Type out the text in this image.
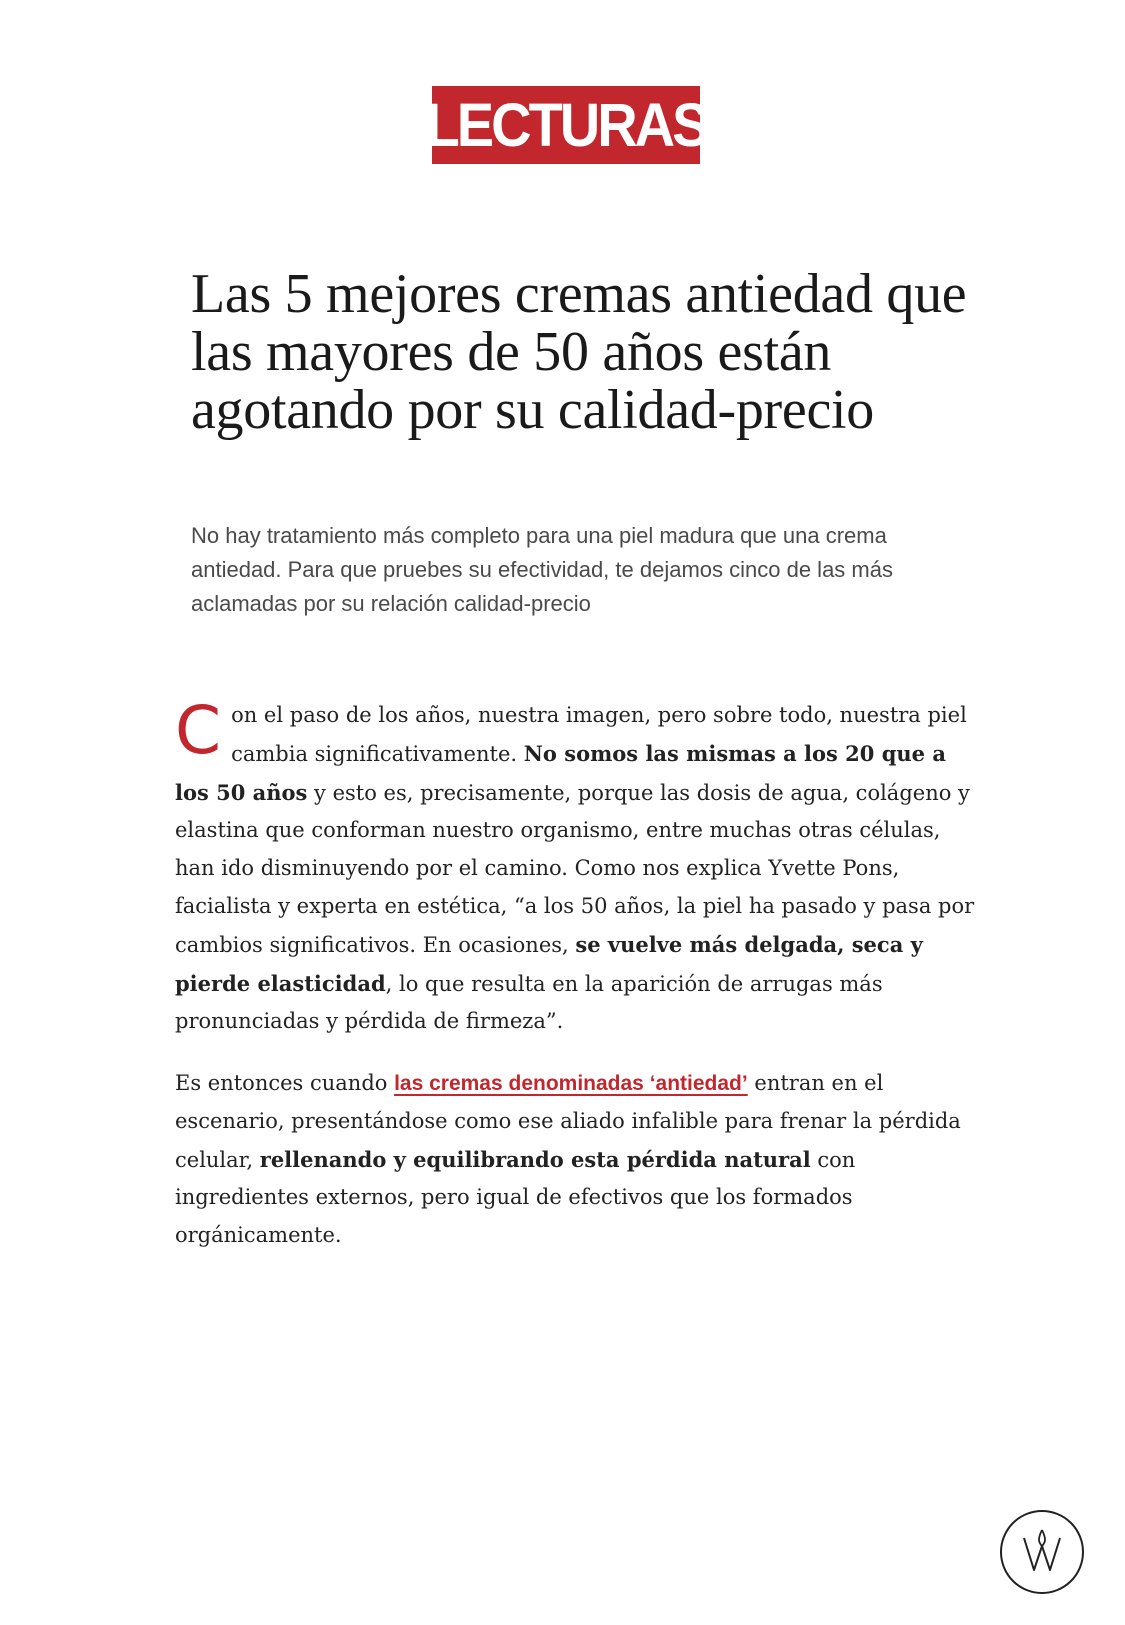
LECTURAS
Las 5 mejores cremas antiedad que las mayores de 50 años están agotando por su calidad-precio

No hay tratamiento más completo para una piel madura que una crema antiedad. Para que pruebes su efectividad, te dejamos cinco de las más aclamadas por su relación calidad-precio

Con el paso de los años, nuestra imagen, pero sobre todo, nuestra piel cambia significativamente. No somos las mismas a los 20 que a los 50 años y esto es, precisamente, porque las dosis de agua, colágeno y elastina que conforman nuestro organismo, entre muchas otras células, han ido disminuyendo por el camino. Como nos explica Yvette Pons, facialista y experta en estética, “a los 50 años, la piel ha pasado y pasa por cambios significativos. En ocasiones, se vuelve más delgada, seca y pierde elasticidad, lo que resulta en la aparición de arrugas más pronunciadas y pérdida de firmeza”.

Es entonces cuando las cremas denominadas ‘antiedad’ entran en el escenario, presentándose como ese aliado infalible para frenar la pérdida celular, rellenando y equilibrando esta pérdida natural con ingredientes externos, pero igual de efectivos que los formados orgánicamente.
